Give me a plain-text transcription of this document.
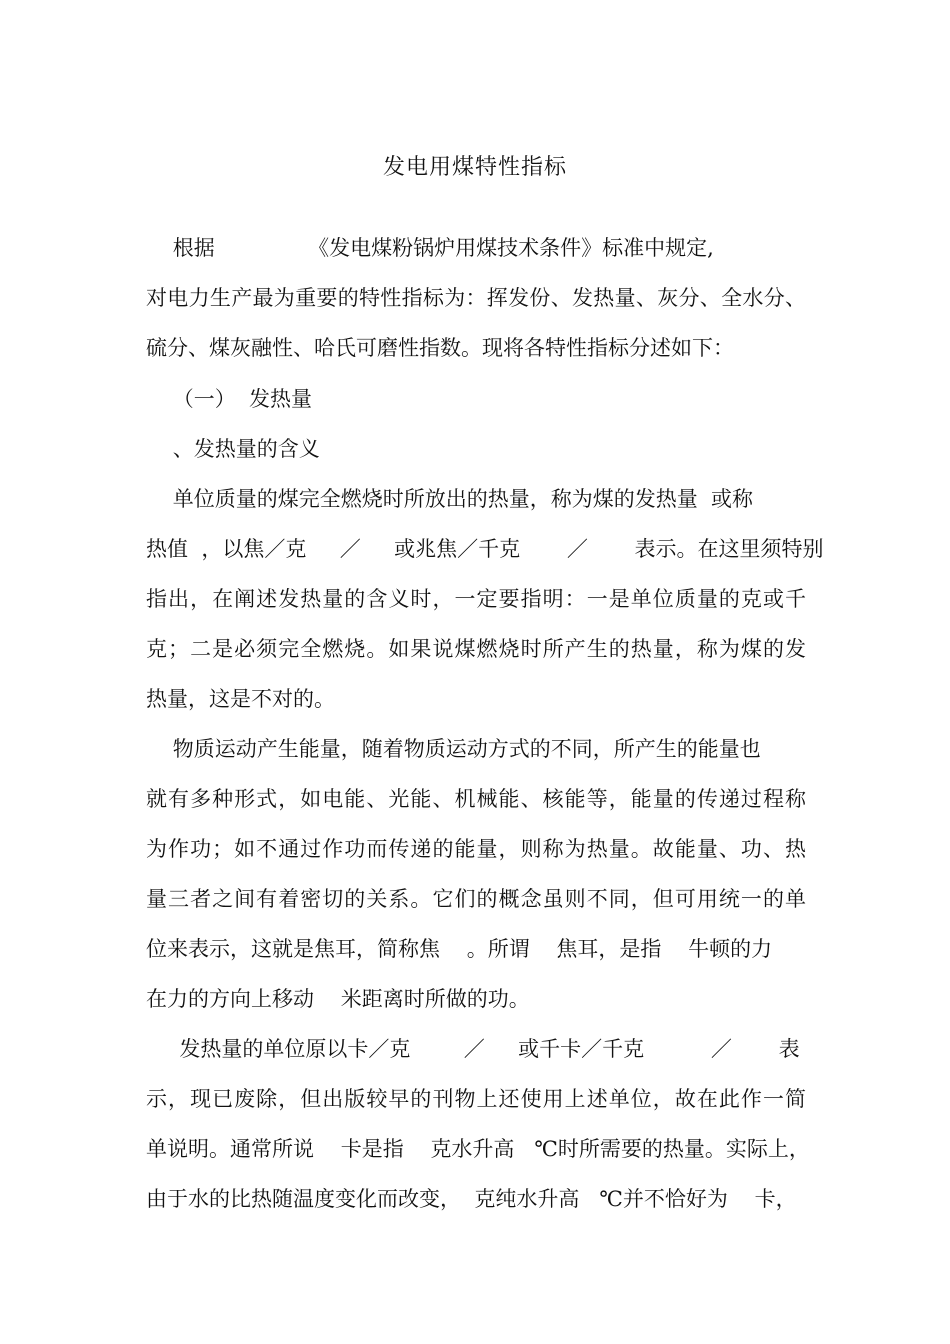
发电用煤特性指标
根据              《发电煤粉锅炉用煤技术条件》标准中规定,
对电力生产最为重要的特性指标为：挥发份、发热量、灰分、全水分、
硫分、煤灰融性、哈氏可磨性指数。现将各特性指标分述如下：
（一）  发热量
、发热量的含义
单位质量的煤完全燃烧时所放出的热量，称为煤的发热量  或称
热值  ，以焦／克     ／     或兆焦／千克       ／       表示。在这里须特别
指出，在阐述发热量的含义时，一定要指明：一是单位质量的克或千
克；二是必须完全燃烧。如果说煤燃烧时所产生的热量，称为煤的发
热量，这是不对的。
物质运动产生能量，随着物质运动方式的不同，所产生的能量也
就有多种形式，如电能、光能、机械能、核能等，能量的传递过程称
为作功；如不通过作功而传递的能量，则称为热量。故能量、功、热
量三者之间有着密切的关系。它们的概念虽则不同，但可用统一的单
位来表示，这就是焦耳，简称焦    。所谓    焦耳，是指    牛顿的力
在力的方向上移动    米距离时所做的功。
发热量的单位原以卡／克        ／     或千卡／千克          ／       表
示，现已废除，但出版较早的刊物上还使用上述单位，故在此作一简
单说明。通常所说    卡是指    克水升高   ℃时所需要的热量。实际上，
由于水的比热随温度变化而改变，  克纯水升高   ℃并不恰好为    卡，
